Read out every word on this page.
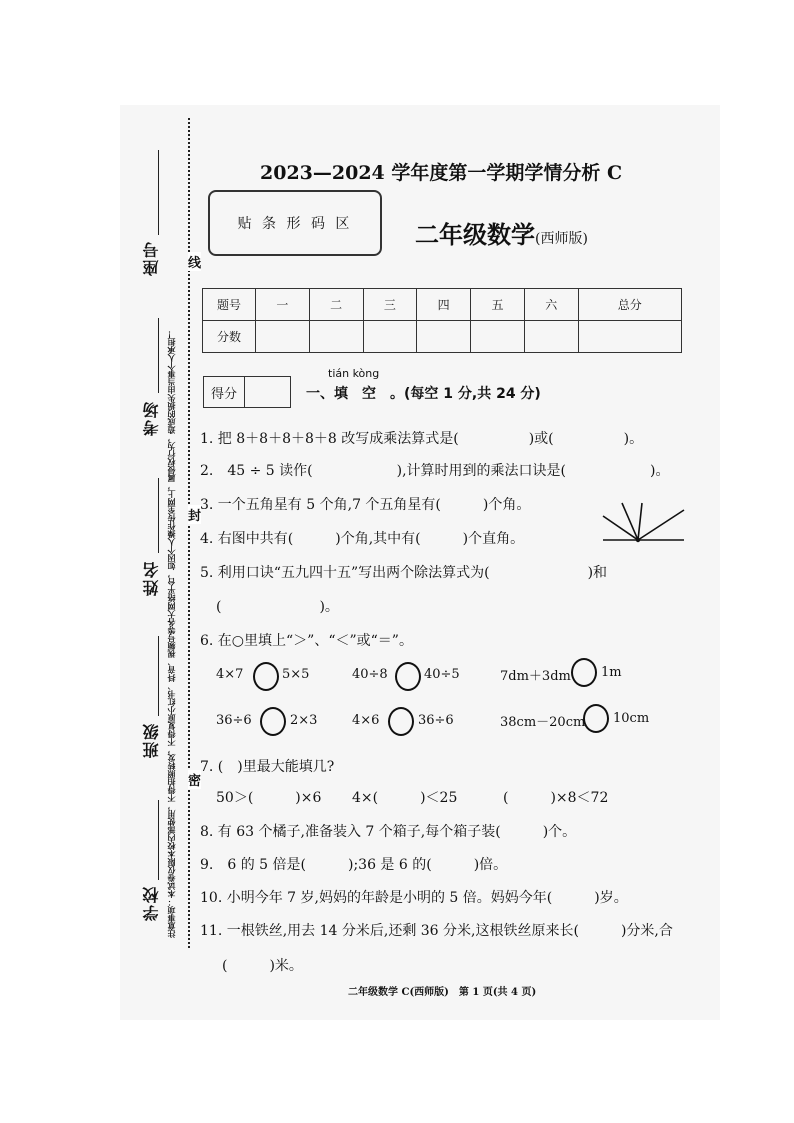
注意事项：本试卷仅限本校内部使用，不得拍照转发，不得复原小红书、抖音、视频号等各大网络平台，如因个人操作传至网上，属侵权行为，造成的损失由当事个人承担！
座号
考场
姓名
班级
学校
线
封
密
2023—2024 学年度第一学期学情分析 C
贴 条 形 码 区	二年级数学(西师版)
题号	一	二	三	四	五	六	总分
分数							
得分
tián kòng
一、填　空　。(每空 1 分,共 24 分)
1. 把 8＋8＋8＋8＋8 改写成乘法算式是(　　　　　)或(　　　　　)。
2.　45 ÷ 5 读作(　　　　　　),计算时用到的乘法口诀是(　　　　　　)。
3. 一个五角星有 5 个角,7 个五角星有(　　　)个角。
4. 右图中共有(　　　)个角,其中有(　　　)个直角。
5. 利用口诀“五九四十五”写出两个除法算式为(　　　　　　　)和
(　　　　　　　)。
6. 在○里填上“＞”、“＜”或“＝”。
4×7	5×5	40÷8	40÷5	7dm＋3dm 1m
36÷6	2×3	4×6	36÷6	38cm－20cm 10cm
7. (　)里最大能填几?
50＞(　　　)×6 4×(　　　)＜25	(　　　)×8＜72
8. 有 63 个橘子,准备装入 7 个箱子,每个箱子装(　　　)个。
9.　6 的 5 倍是(　　　);36 是 6 的(　　　)倍。
10. 小明今年 7 岁,妈妈的年龄是小明的 5 倍。妈妈今年(　　　)岁。
11. 一根铁丝,用去 14 分米后,还剩 36 分米,这根铁丝原来长(　　　)分米,合
(　　　)米。
二年级数学 C(西师版)　第 1 页(共 4 页)
